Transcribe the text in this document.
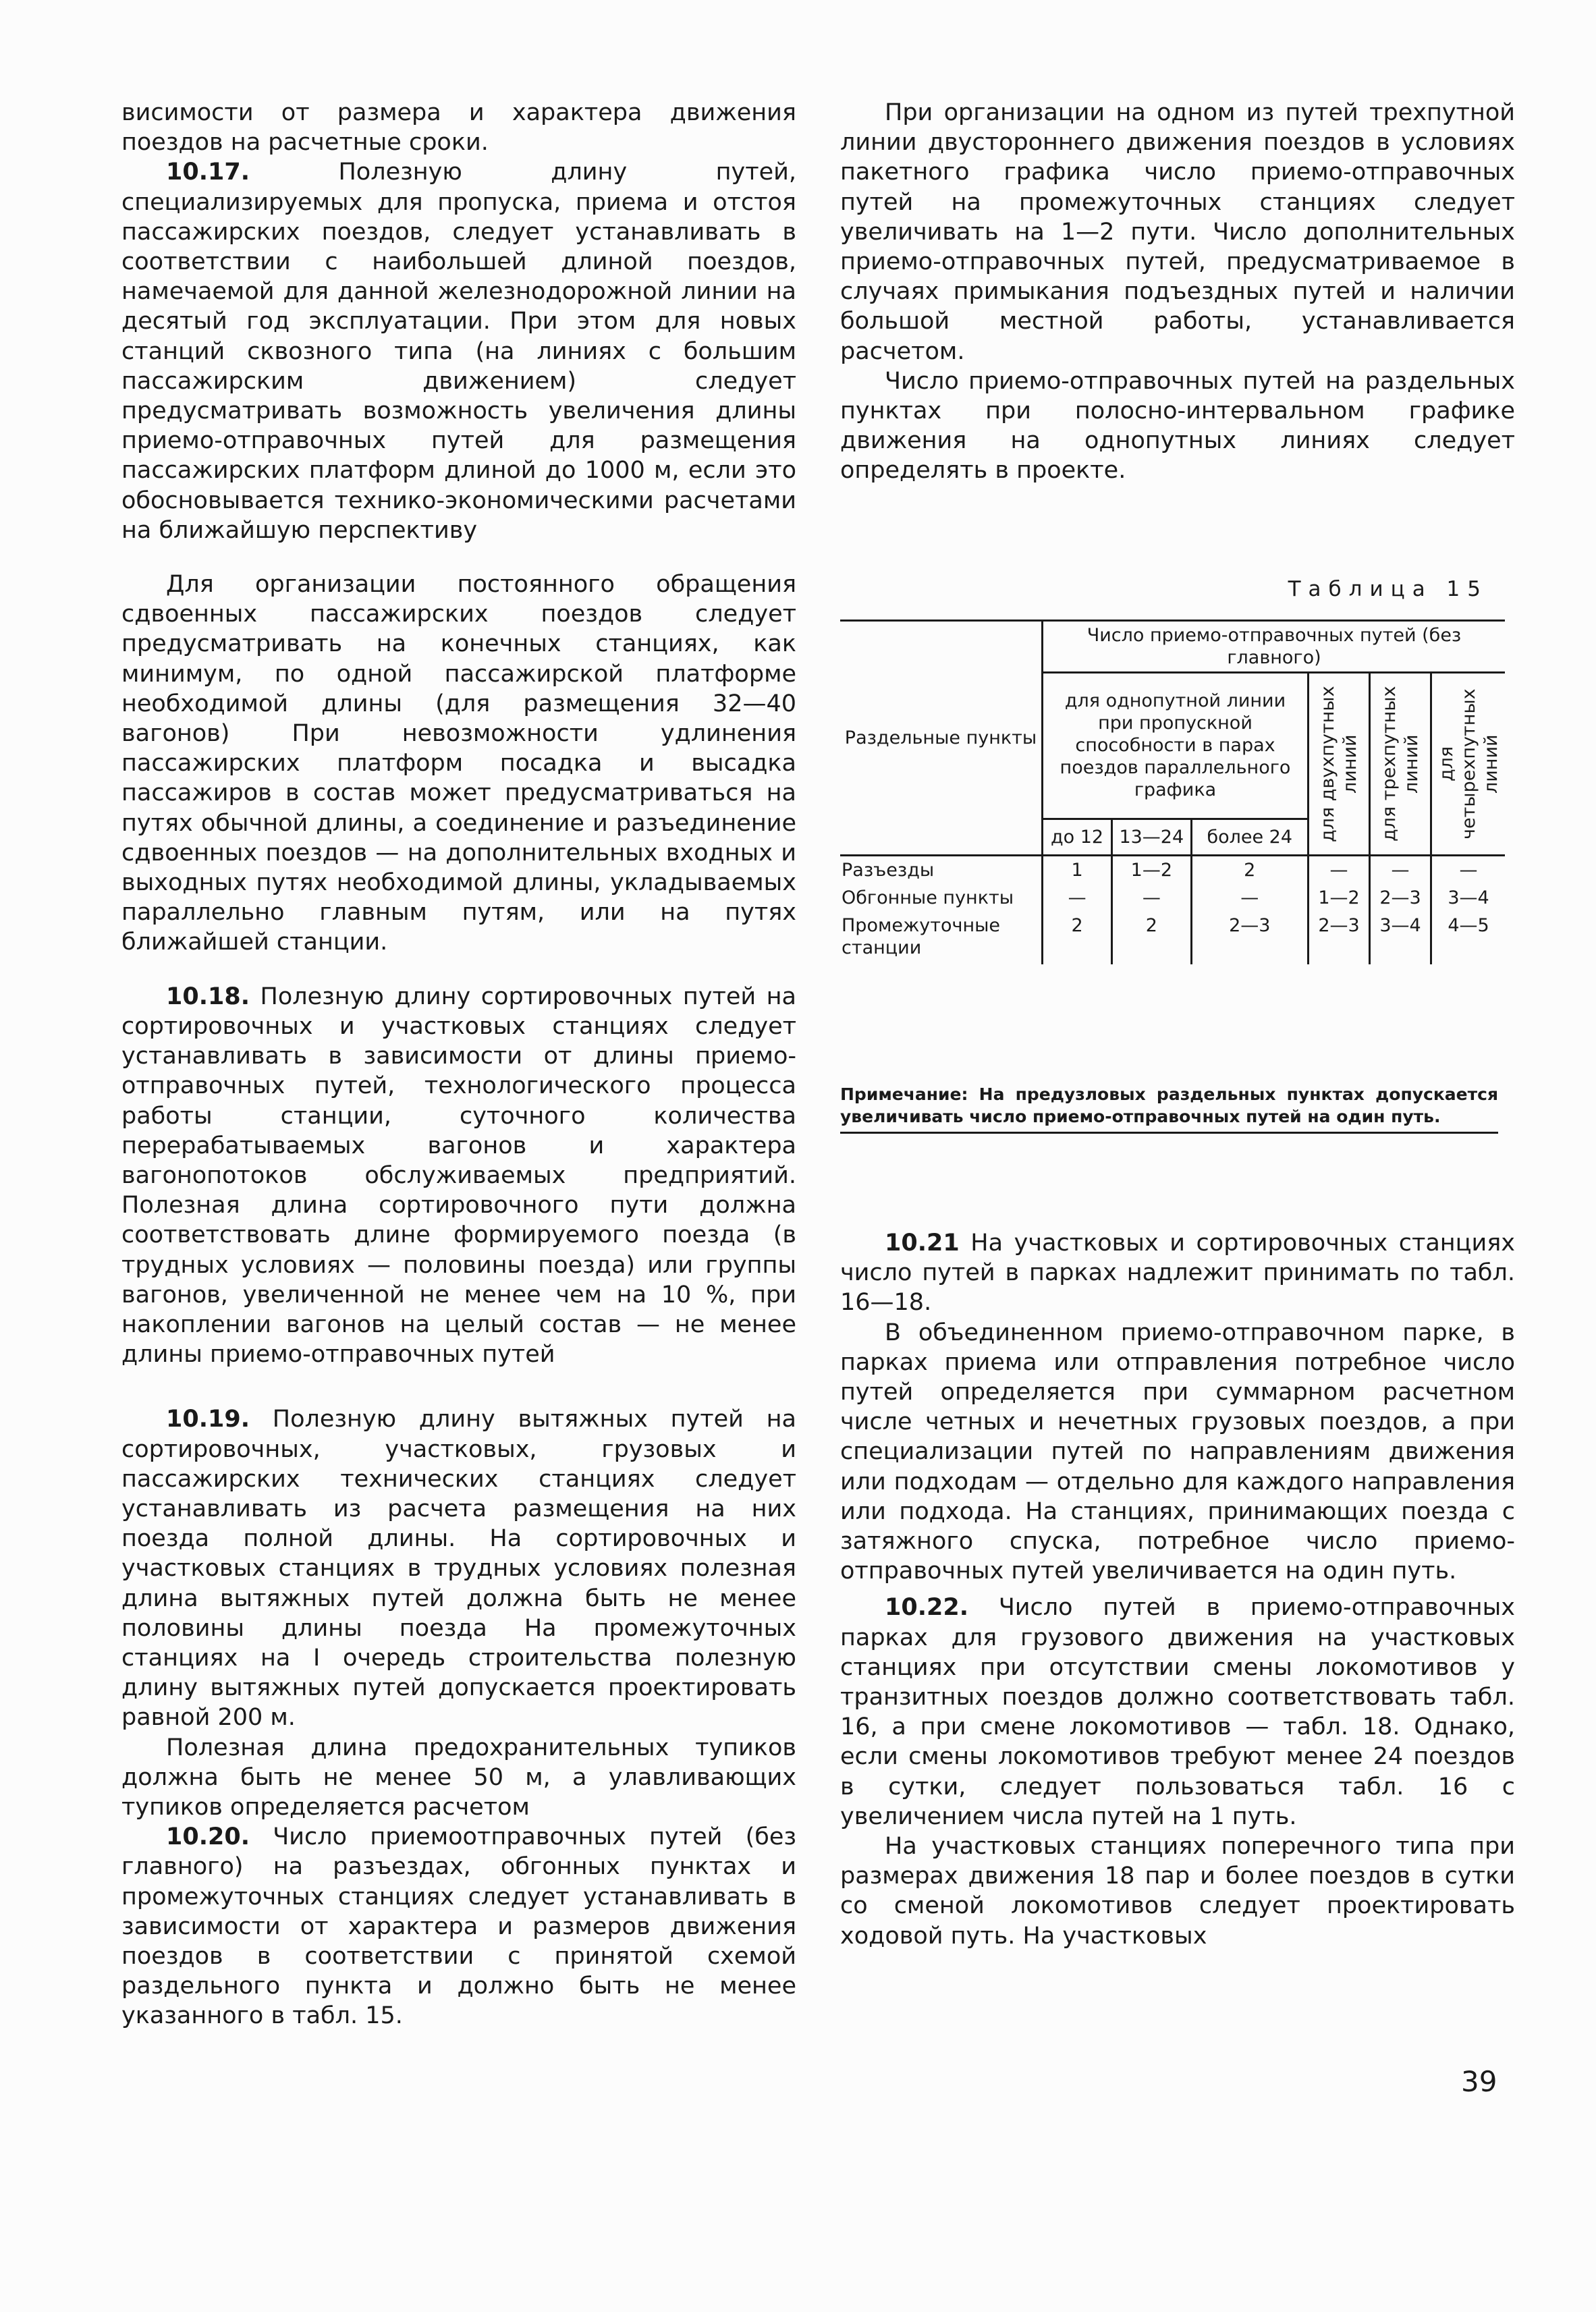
висимости от размера и характера движения поездов на расчетные сроки.

10.17. Полезную длину путей, специализируемых для пропуска, приема и отстоя пассажирских поездов, следует устанавливать в соответствии с наибольшей длиной поездов, намечаемой для данной железнодорожной линии на десятый год эксплуатации. При этом для новых станций сквозного типа (на линиях с большим пассажирским движением) следует предусматривать возможность увеличения длины приемо-отправочных путей для размещения пассажирских платформ длиной до 1000 м, если это обосновывается технико-экономическими расчетами на ближайшую перспективу

Для организации постоянного обращения сдвоенных пассажирских поездов следует предусматривать на конечных станциях, как минимум, по одной пассажирской платформе необходимой длины (для размещения 32—40 вагонов) При невозможности удлинения пассажирских платформ посадка и высадка пассажиров в состав может предусматриваться на путях обычной длины, а соединение и разъединение сдвоенных поездов — на дополнительных входных и выходных путях необходимой длины, укладываемых параллельно главным путям, или на путях ближайшей станции.

10.18. Полезную длину сортировочных путей на сортировочных и участковых станциях следует устанавливать в зависимости от длины приемо-отправочных путей, технологического процесса работы станции, суточного количества перерабатываемых вагонов и характера вагонопотоков обслуживаемых предприятий. Полезная длина сортировочного пути должна соответствовать длине формируемого поезда (в трудных условиях — половины поезда) или группы вагонов, увеличенной не менее чем на 10 %, при накоплении вагонов на целый состав — не менее длины приемо-отправочных путей

10.19. Полезную длину вытяжных путей на сортировочных, участковых, грузовых и пассажирских технических станциях следует устанавливать из расчета размещения на них поезда полной длины. На сортировочных и участковых станциях в трудных условиях полезная длина вытяжных путей должна быть не менее половины длины поезда На промежуточных станциях на I очередь строительства полезную длину вытяжных путей допускается проектировать равной 200 м.

Полезная длина предохранительных тупиков должна быть не менее 50 м, а улавливающих тупиков определяется расчетом

10.20. Число приемоотправочных путей (без главного) на разъездах, обгонных пунктах и промежуточных станциях следует устанавливать в зависимости от характера и размеров движения поездов в соответствии с принятой схемой раздельного пункта и должно быть не менее указанного в табл. 15.

При организации на одном из путей трехпутной линии двустороннего движения поездов в условиях пакетного графика число приемо-отправочных путей на промежуточных станциях следует увеличивать на 1—2 пути. Число дополнительных приемо-отправочных путей, предусматриваемое в случаях примыкания подъездных путей и наличии большой местной работы, устанавливается расчетом.

Число приемо-отправочных путей на раздельных пунктах при полосно-интервальном графике движения на однопутных линиях следует определять в проекте.

Таблица 15
Раздельные пункты	Число приемо-отправочных путей (без главного)					
	для однопутной линии при пропускной способности в парах поездов параллельного графика			для двухпутных линий	для трехпутных линий	для четырехпутных линий

	до 12	13—24	более 24			
Разъезды	1	1—2	2	—	—	—
Обгонные пункты	—	—	—	1—2	2—3	3—4
Промежуточные станции	2	2	2—3	2—3	3—4	4—5
Примечание: На предузловых раздельных пунктах допускается увеличивать число приемо-отправочных путей на один путь.

10.21 На участковых и сортировочных станциях число путей в парках надлежит принимать по табл. 16—18.

В объединенном приемо-отправочном парке, в парках приема или отправления потребное число путей определяется при суммарном расчетном числе четных и нечетных грузовых поездов, а при специализации путей по направлениям движения или подходам — отдельно для каждого направления или подхода. На станциях, принимающих поезда с затяжного спуска, потребное число приемо-отправочных путей увеличивается на один путь.

10.22. Число путей в приемо-отправочных парках для грузового движения на участковых станциях при отсутствии смены локомотивов у транзитных поездов должно соответствовать табл. 16, а при смене локомотивов — табл. 18. Однако, если смены локомотивов требуют менее 24 поездов в сутки, следует пользоваться табл. 16 с увеличением числа путей на 1 путь.

На участковых станциях поперечного типа при размерах движения 18 пар и более поездов в сутки со сменой локомотивов следует проектировать ходовой путь. На участковых

39
